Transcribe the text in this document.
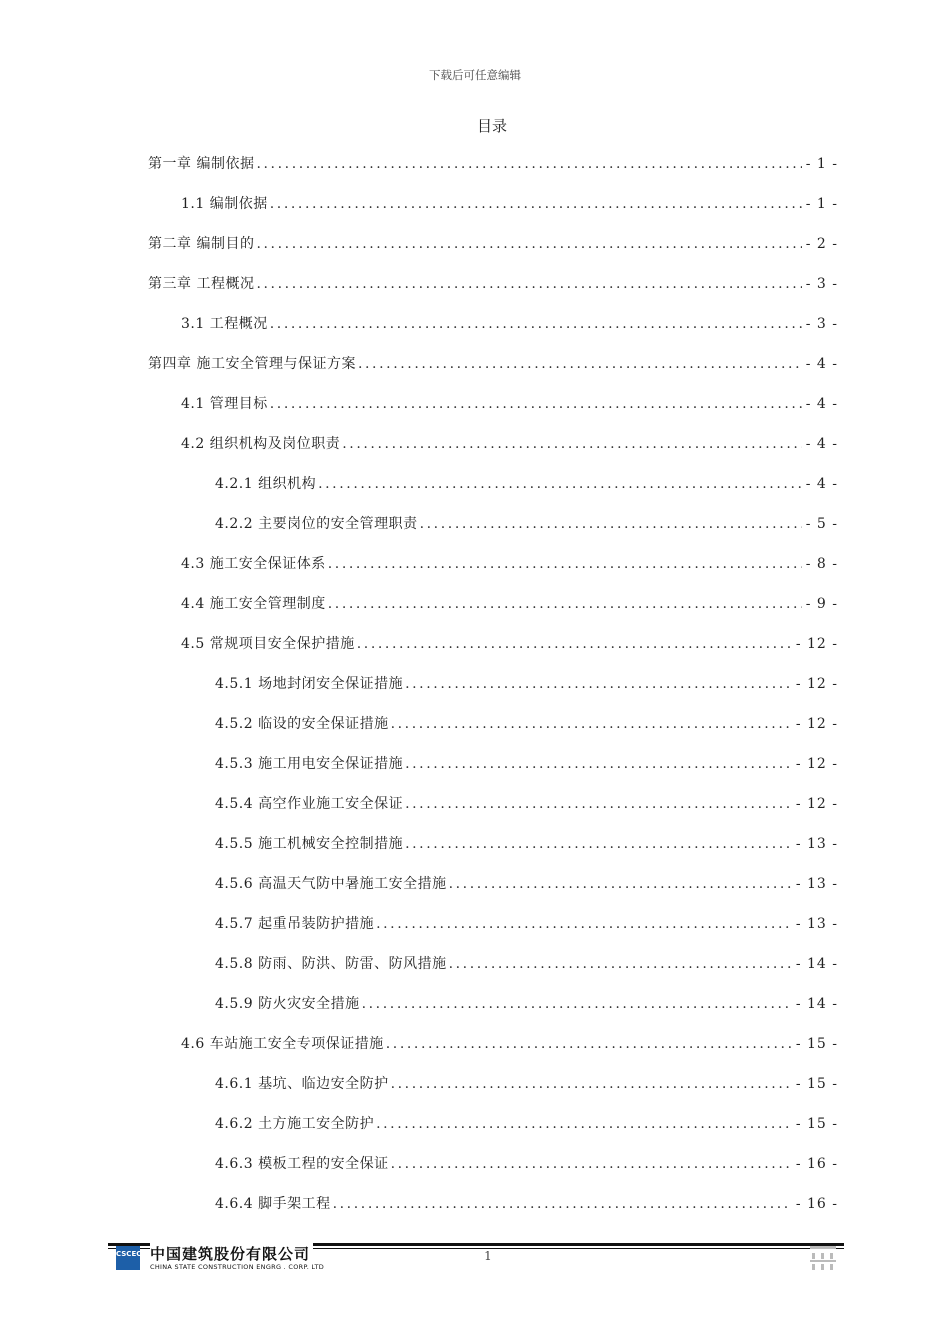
下载后可任意编辑
目录
第一章 编制依据 .....	- 1 -
1.1 编制依据 .....	- 1 -
第二章 编制目的 .....	- 2 -
第三章 工程概况 .....	- 3 -
3.1 工程概况 .....	- 3 -
第四章 施工安全管理与保证方案 .....	- 4 -
4.1 管理目标 .....	- 4 -
4.2 组织机构及岗位职责 .....	- 4 -
4.2.1 组织机构 .....	- 4 -
4.2.2 主要岗位的安全管理职责 .....	- 5 -
4.3 施工安全保证体系 .....	- 8 -
4.4 施工安全管理制度 .....	- 9 -
4.5 常规项目安全保护措施 .....	- 12 -
4.5.1 场地封闭安全保证措施 .....	- 12 -
4.5.2 临设的安全保证措施 .....	- 12 -
4.5.3 施工用电安全保证措施 .....	- 12 -
4.5.4 高空作业施工安全保证 .....	- 12 -
4.5.5 施工机械安全控制措施 .....	- 13 -
4.5.6 高温天气防中暑施工安全措施 .....	- 13 -
4.5.7 起重吊装防护措施 .....	- 13 -
4.5.8 防雨、防洪、防雷、防风措施 .....	- 14 -
4.5.9 防火灾安全措施 .....	- 14 -
4.6 车站施工安全专项保证措施 .....	- 15 -
4.6.1 基坑、临边安全防护 .....	- 15 -
4.6.2 土方施工安全防护 .....	- 15 -
4.6.3 模板工程的安全保证 .....	- 16 -
4.6.4 脚手架工程 .....	- 16 -
CSCEC 中国建筑股份有限公司
CHINA STATE CONSTRUCTION ENGRG . CORP. LTD
1
